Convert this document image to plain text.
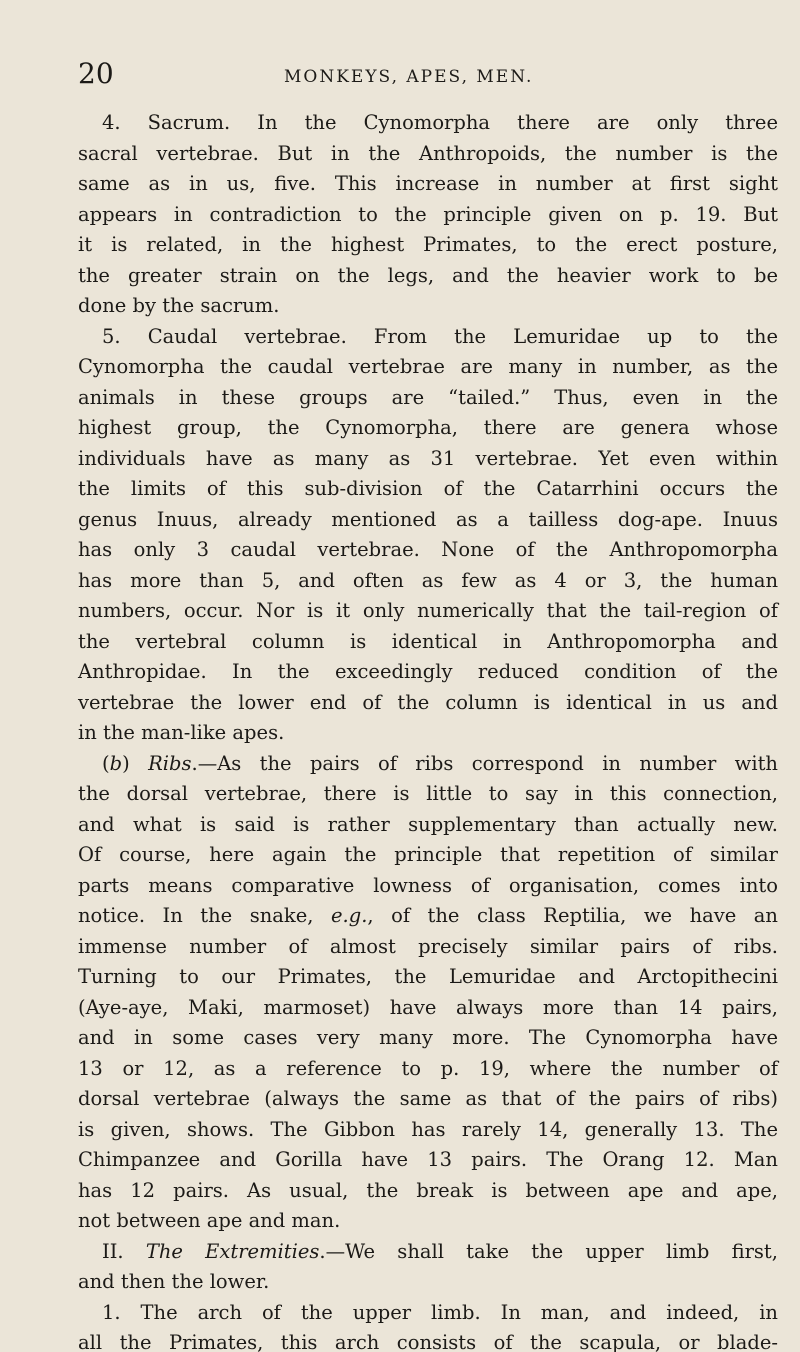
20	MONKEYS, APES, MEN.
4. Sacrum. In the Cynomorpha there are only three
sacral vertebrae. But in the Anthropoids, the number is the
same as in us, five. This increase in number at first sight
appears in contradiction to the principle given on p. 19. But
it is related, in the highest Primates, to the erect posture,
the greater strain on the legs, and the heavier work to be
done by the sacrum.
5. Caudal vertebrae. From the Lemuridae up to the
Cynomorpha the caudal vertebrae are many in number, as the
animals in these groups are “tailed.” Thus, even in the
highest group, the Cynomorpha, there are genera whose
individuals have as many as 31 vertebrae. Yet even within
the limits of this sub-division of the Catarrhini occurs the
genus Inuus, already mentioned as a tailless dog-ape. Inuus
has only 3 caudal vertebrae. None of the Anthropomorpha
has more than 5, and often as few as 4 or 3, the human
numbers, occur. Nor is it only numerically that the tail-region of
the vertebral column is identical in Anthropomorpha and
Anthropidae. In the exceedingly reduced condition of the
vertebrae the lower end of the column is identical in us and
in the man-like apes.
(b) Ribs.—As the pairs of ribs correspond in number with
the dorsal vertebrae, there is little to say in this connection,
and what is said is rather supplementary than actually new.
Of course, here again the principle that repetition of similar
parts means comparative lowness of organisation, comes into
notice. In the snake, e.g., of the class Reptilia, we have an
immense number of almost precisely similar pairs of ribs.
Turning to our Primates, the Lemuridae and Arctopithecini
(Aye-aye, Maki, marmoset) have always more than 14 pairs,
and in some cases very many more. The Cynomorpha have
13 or 12, as a reference to p. 19, where the number of
dorsal vertebrae (always the same as that of the pairs of ribs)
is given, shows. The Gibbon has rarely 14, generally 13. The
Chimpanzee and Gorilla have 13 pairs. The Orang 12. Man
has 12 pairs. As usual, the break is between ape and ape,
not between ape and man.
II. The Extremities.—We shall take the upper limb first,
and then the lower.
1. The arch of the upper limb. In man, and indeed, in
all the Primates, this arch consists of the scapula, or blade-
